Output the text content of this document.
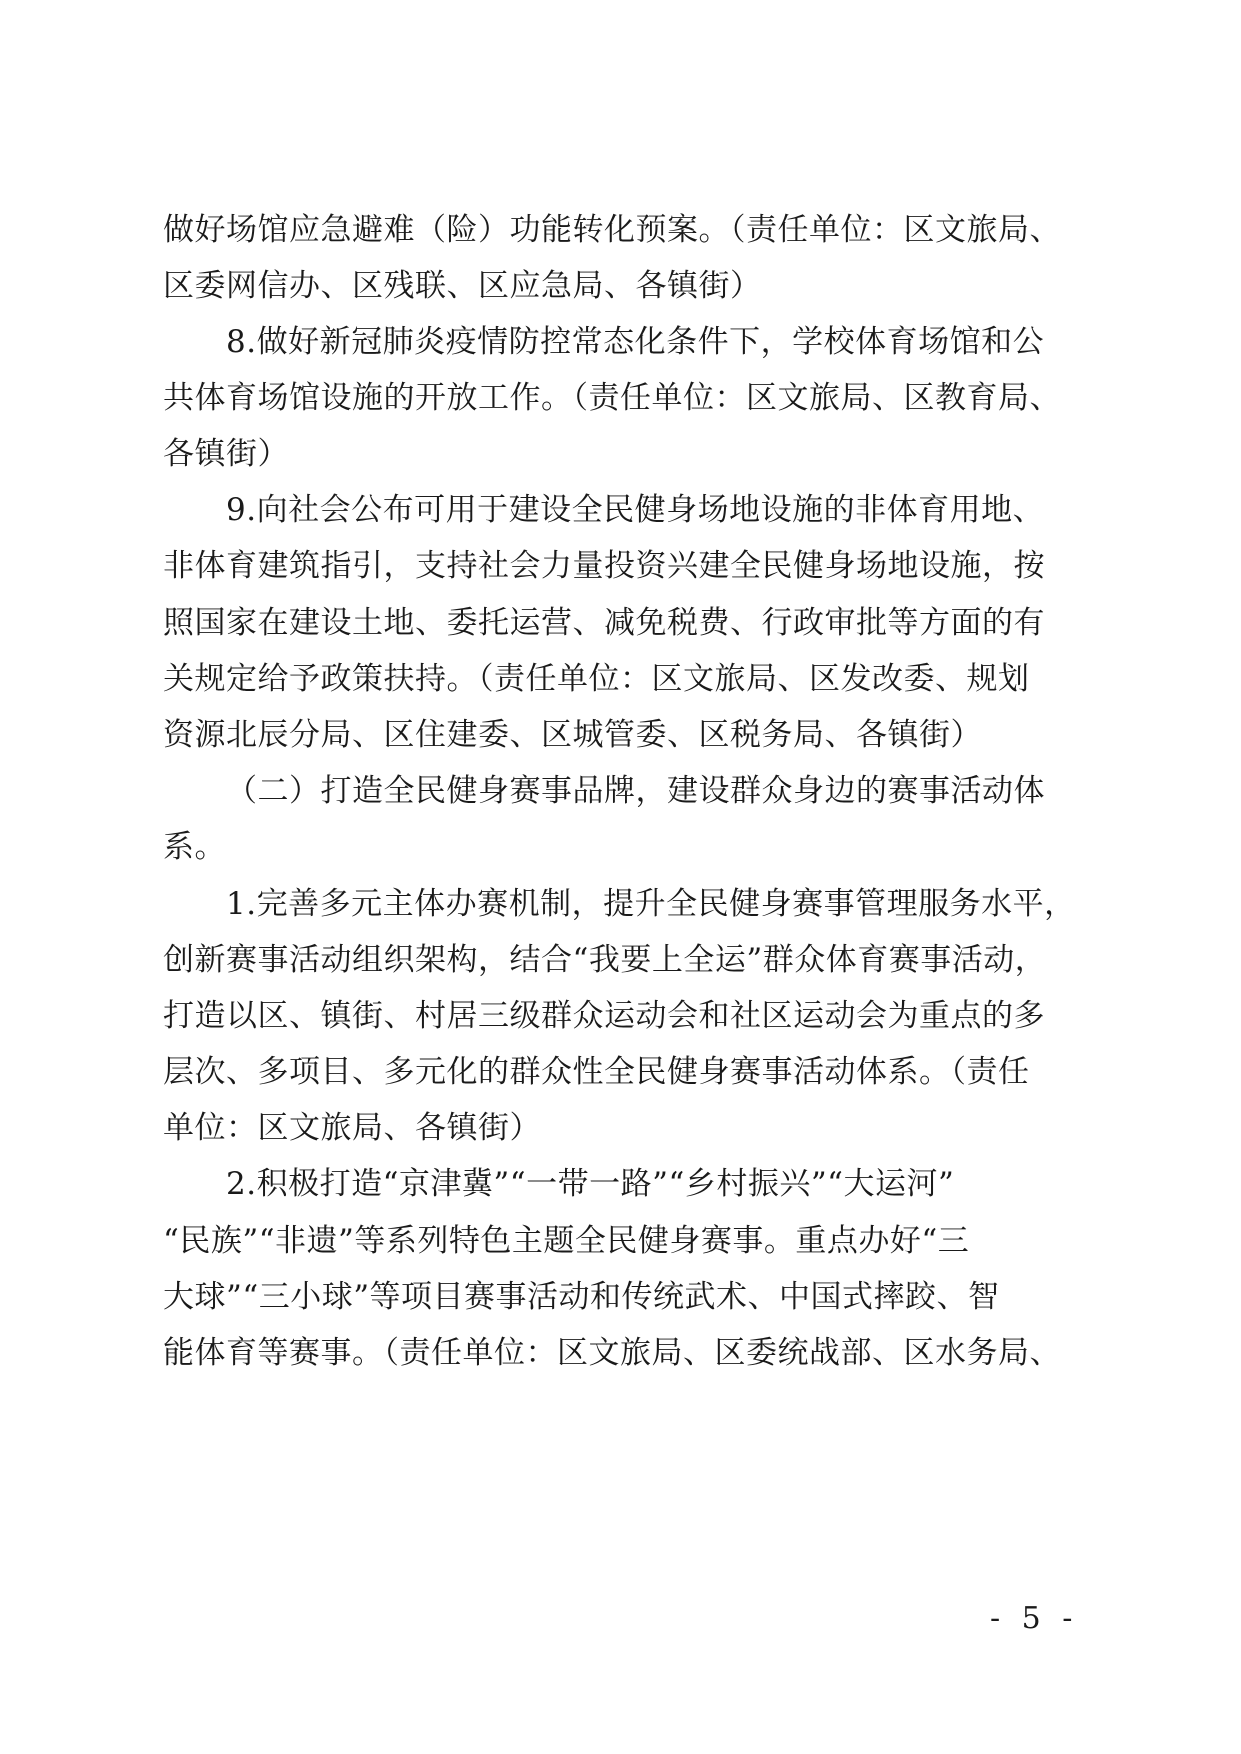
做好场馆应急避难（险）功能转化预案。（责任单位：区文旅局、
区委网信办、区残联、区应急局、各镇街）
8.做好新冠肺炎疫情防控常态化条件下，学校体育场馆和公
共体育场馆设施的开放工作。（责任单位：区文旅局、区教育局、
各镇街）
9.向社会公布可用于建设全民健身场地设施的非体育用地、
非体育建筑指引，支持社会力量投资兴建全民健身场地设施，按
照国家在建设土地、委托运营、减免税费、行政审批等方面的有
关规定给予政策扶持。（责任单位：区文旅局、区发改委、规划
资源北辰分局、区住建委、区城管委、区税务局、各镇街）
（二）打造全民健身赛事品牌，建设群众身边的赛事活动体
系。
1.完善多元主体办赛机制，提升全民健身赛事管理服务水平，
创新赛事活动组织架构，结合“我要上全运”群众体育赛事活动，
打造以区、镇街、村居三级群众运动会和社区运动会为重点的多
层次、多项目、多元化的群众性全民健身赛事活动体系。（责任
单位：区文旅局、各镇街）
2.积极打造“京津冀”“一带一路”“乡村振兴”“大运河”
“民族”“非遗”等系列特色主题全民健身赛事。重点办好“三
大球”“三小球”等项目赛事活动和传统武术、中国式摔跤、智
能体育等赛事。（责任单位：区文旅局、区委统战部、区水务局、
- 5 -
